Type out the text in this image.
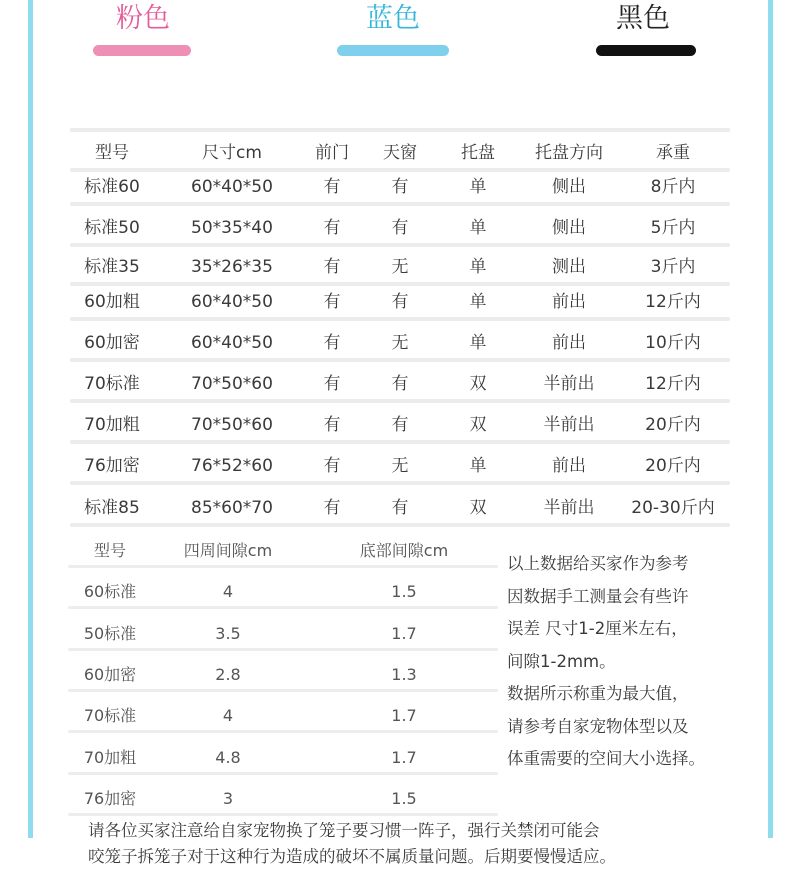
粉色	蓝色	黑色
型号	尺寸cm	前门	天窗	托盘	托盘方向	承重
标准60	60*40*50	有	有	单	侧出	8斤内
标准50	50*35*40	有	有	单	侧出	5斤内
标准35	35*26*35	有	无	单	测出	3斤内
60加粗	60*40*50	有	有	单	前出	12斤内
60加密	60*40*50	有	无	单	前出	10斤内
70标准	70*50*60	有	有	双	半前出	12斤内
70加粗	70*50*60	有	有	双	半前出	20斤内
76加密	76*52*60	有	无	单	前出	20斤内
标准85	85*60*70	有	有	双	半前出	20-30斤内
型号	四周间隙cm	底部间隙cm
60标准	4	1.5
50标准	3.5	1.7
60加密	2.8	1.3
70标准	4	1.7
70加粗	4.8	1.7
76加密	3	1.5
以上数据给买家作为参考
因数据手工测量会有些许
误差 尺寸1-2厘米左右，
间隙1-2mm。
数据所示称重为最大值，
请参考自家宠物体型以及
体重需要的空间大小选择。
请各位买家注意给自家宠物换了笼子要习惯一阵子，强行关禁闭可能会
咬笼子拆笼子对于这种行为造成的破坏不属质量问题。后期要慢慢适应。
